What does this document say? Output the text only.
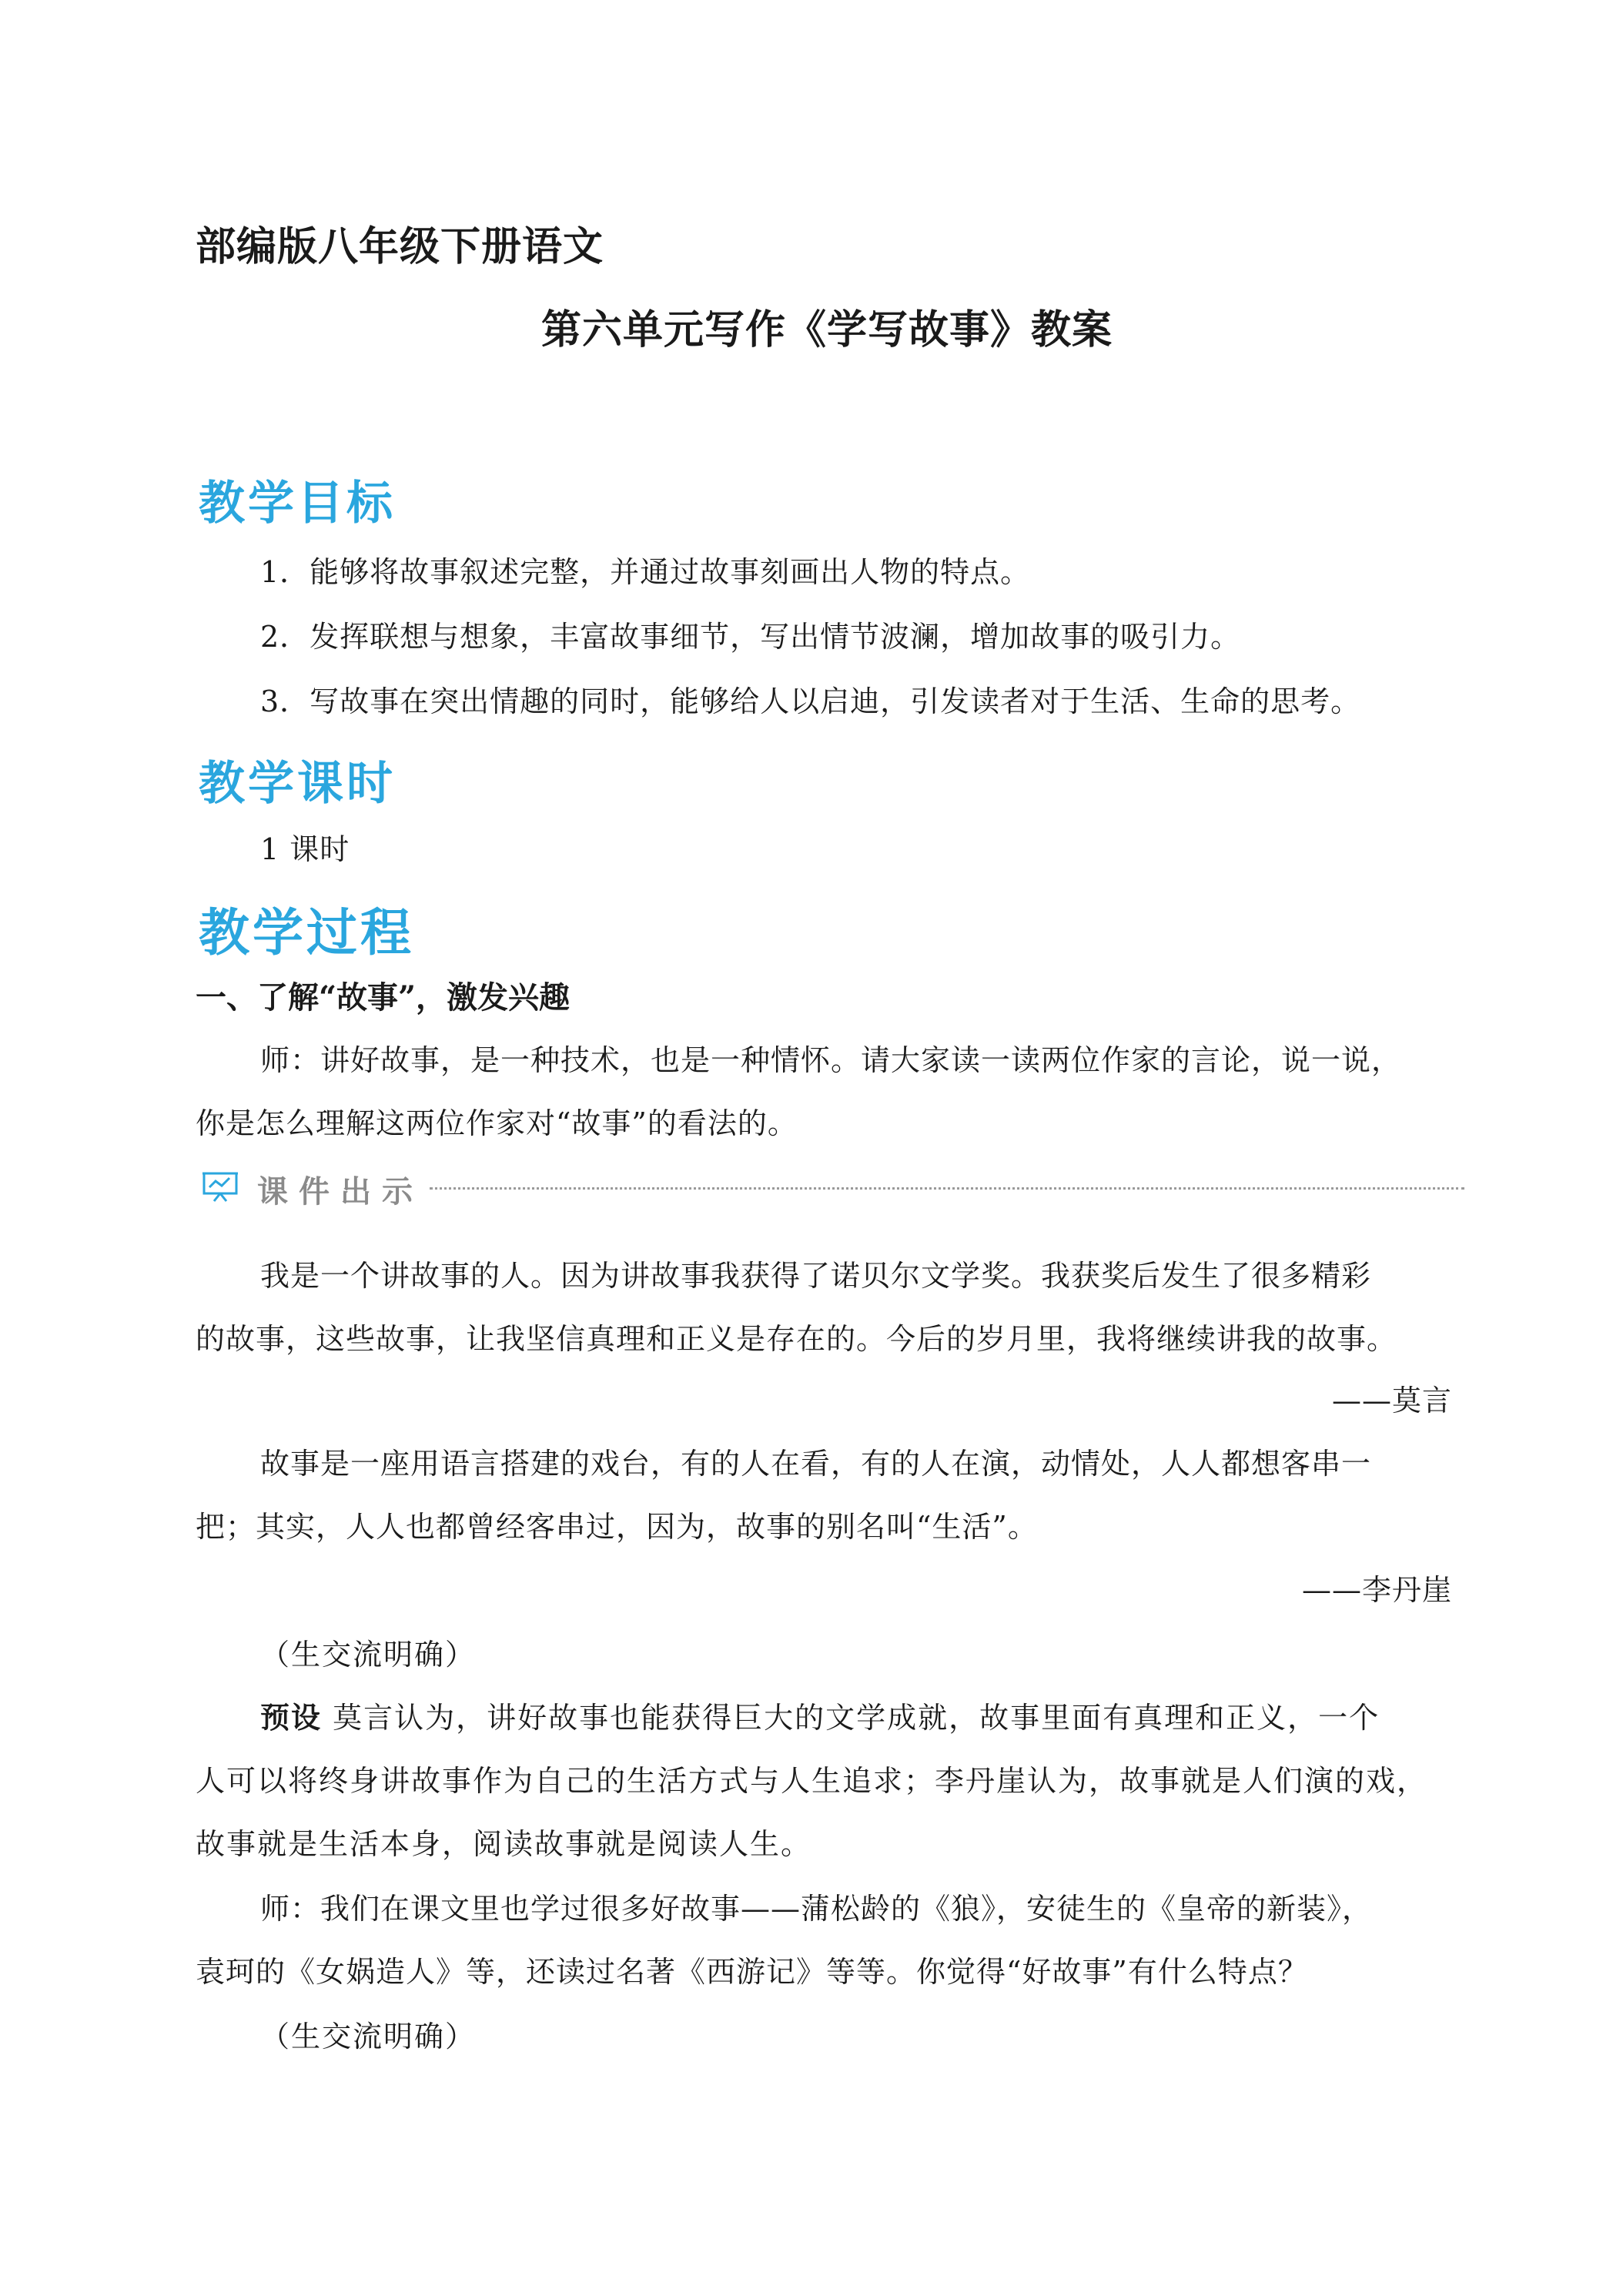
部编版八年级下册语文
第六单元写作《学写故事》教案
教学目标
1．能够将故事叙述完整，并通过故事刻画出人物的特点。
2．发挥联想与想象，丰富故事细节，写出情节波澜，增加故事的吸引力。
3．写故事在突出情趣的同时，能够给人以启迪，引发读者对于生活、生命的思考。
教学课时
1 课时
教学过程
一、了解“故事”，激发兴趣
师：讲好故事，是一种技术，也是一种情怀。请大家读一读两位作家的言论，说一说，
你是怎么理解这两位作家对“故事”的看法的。
课件出示
我是一个讲故事的人。因为讲故事我获得了诺贝尔文学奖。我获奖后发生了很多精彩
的故事，这些故事，让我坚信真理和正义是存在的。今后的岁月里，我将继续讲我的故事。
——莫言
故事是一座用语言搭建的戏台，有的人在看，有的人在演，动情处，人人都想客串一
把；其实，人人也都曾经客串过，因为，故事的别名叫“生活”。
——李丹崖
（生交流明确）
预设 莫言认为，讲好故事也能获得巨大的文学成就，故事里面有真理和正义，一个
人可以将终身讲故事作为自己的生活方式与人生追求；李丹崖认为，故事就是人们演的戏，
故事就是生活本身，阅读故事就是阅读人生。
师：我们在课文里也学过很多好故事——蒲松龄的《狼》，安徒生的《皇帝的新装》，
袁珂的《女娲造人》等，还读过名著《西游记》等等。你觉得“好故事”有什么特点？
（生交流明确）
